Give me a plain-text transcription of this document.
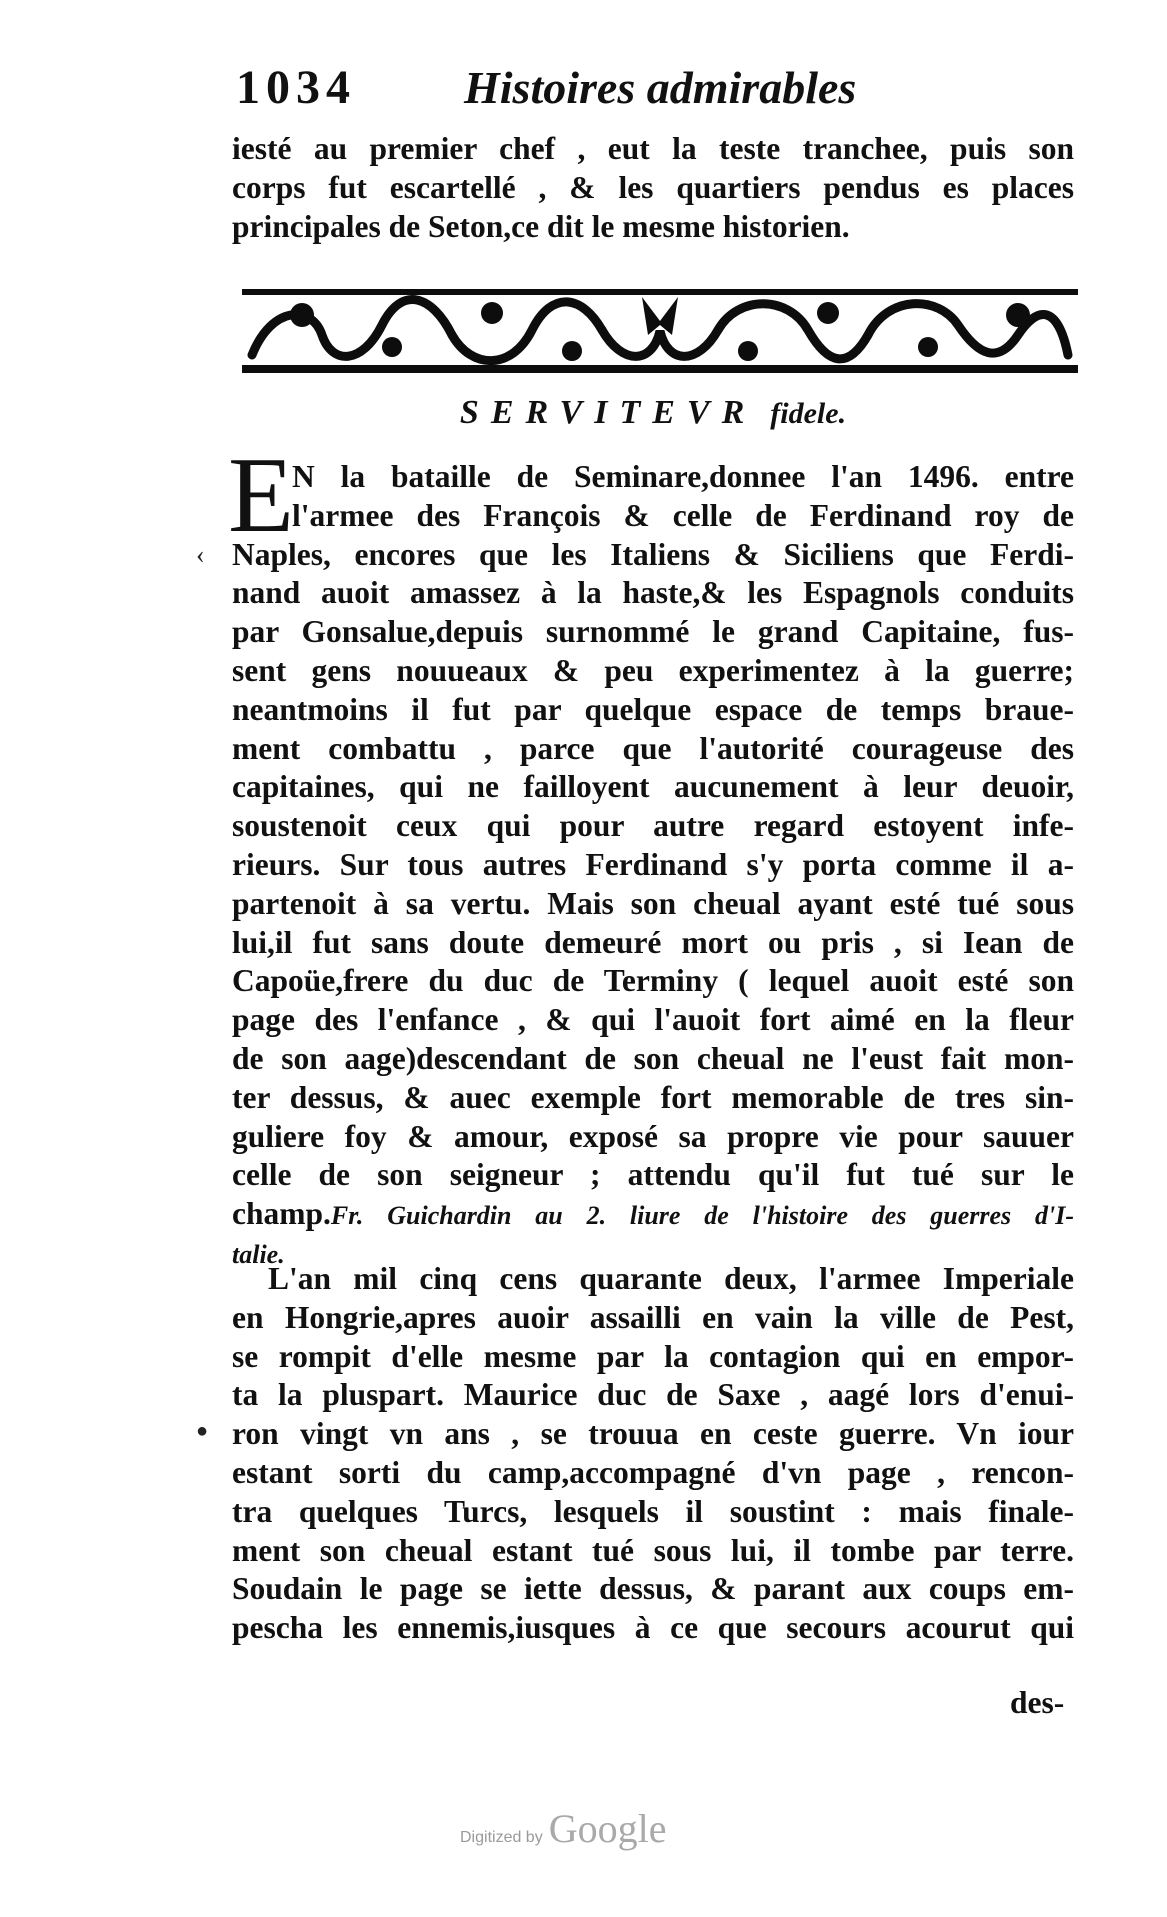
1034 Histoires admirables
iesté au premier chef , eut la teste tranchee, puis son
corps fut escartellé , & les quartiers pendus es places
principales de Seton,ce dit le mesme historien.
SERVITEVR fidele.
E
N la bataille de Seminare,donnee l'an 1496. entre
l'armee des François & celle de Ferdinand roy de
Naples, encores que les Italiens & Siciliens que Ferdi-
nand auoit amassez à la haste,& les Espagnols conduits
par Gonsalue,depuis surnommé le grand Capitaine, fus-
sent gens nouueaux & peu experimentez à la guerre;
neantmoins il fut par quelque espace de temps braue-
ment combattu , parce que l'autorité courageuse des
capitaines, qui ne failloyent aucunement à leur deuoir,
soustenoit ceux qui pour autre regard estoyent infe-
rieurs. Sur tous autres Ferdinand s'y porta comme il a-
partenoit à sa vertu. Mais son cheual ayant esté tué sous
lui,il fut sans doute demeuré mort ou pris , si Iean de
Capoüe,frere du duc de Terminy ( lequel auoit esté son
page des l'enfance , & qui l'auoit fort aimé en la fleur
de son aage)descendant de son cheual ne l'eust fait mon-
ter dessus, & auec exemple fort memorable de tres sin-
guliere foy & amour, exposé sa propre vie pour sauuer
celle de son seigneur ; attendu qu'il fut tué sur le
champ.Fr. Guichardin au 2. liure de l'histoire des guerres d'I-
talie.
L'an mil cinq cens quarante deux, l'armee Imperiale
en Hongrie,apres auoir assailli en vain la ville de Pest,
se rompit d'elle mesme par la contagion qui en empor-
ta la pluspart. Maurice duc de Saxe , aagé lors d'enui-
ron vingt vn ans , se trouua en ceste guerre. Vn iour
estant sorti du camp,accompagné d'vn page , rencon-
tra quelques Turcs, lesquels il soustint : mais finale-
ment son cheual estant tué sous lui, il tombe par terre.
Soudain le page se iette dessus, & parant aux coups em-
pescha les ennemis,iusques à ce que secours acourut qui
des-
‹
●
Digitized by Google
